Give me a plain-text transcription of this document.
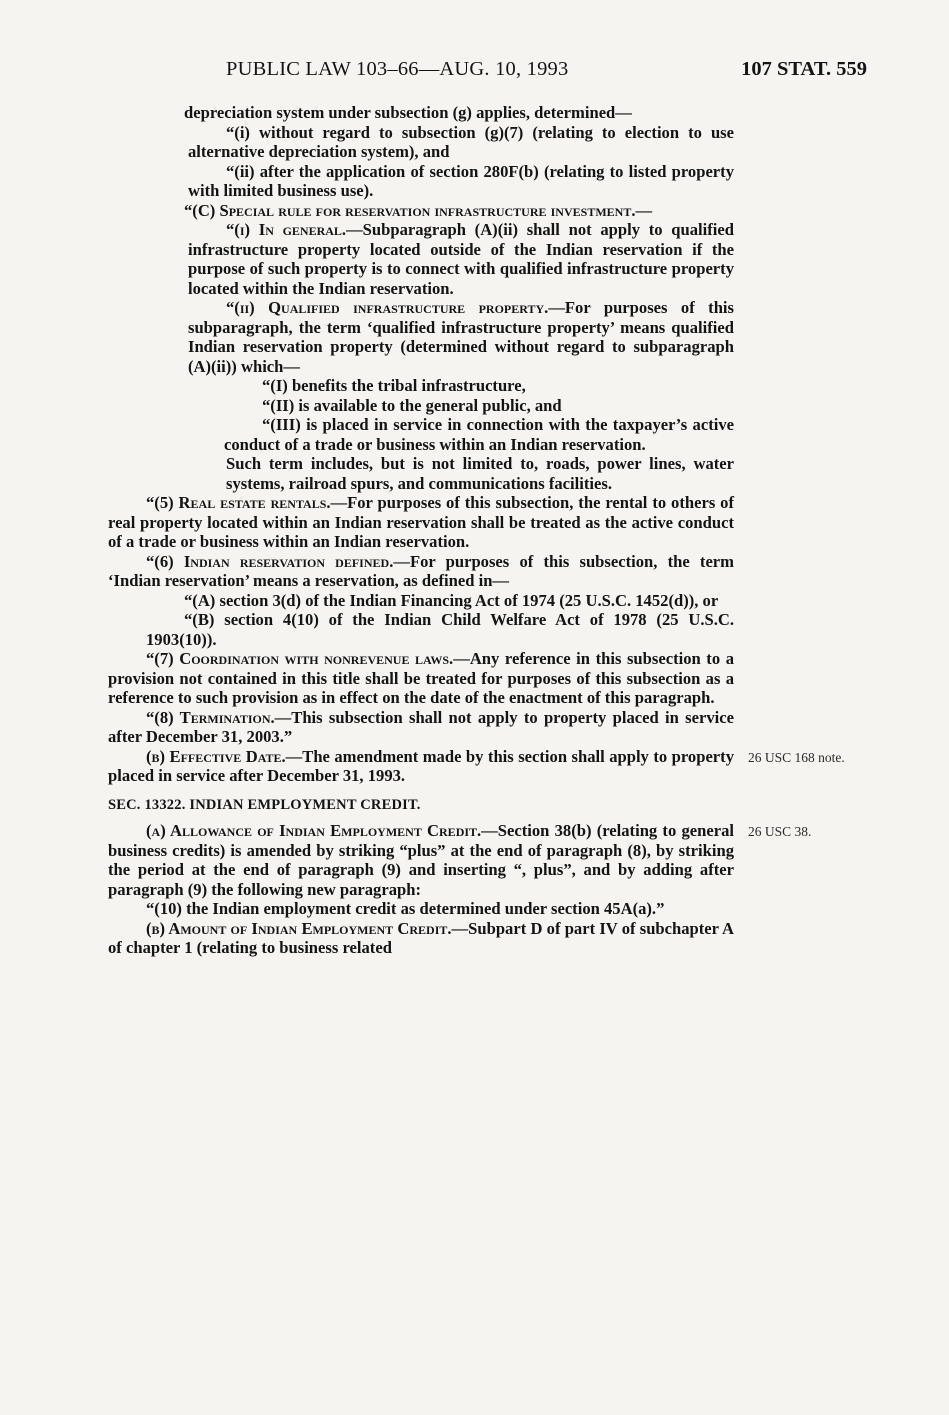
PUBLIC LAW 103–66—AUG. 10, 1993	107 STAT. 559

depreciation system under subsection (g) applies, determined—

“(i) without regard to subsection (g)(7) (relating to election to use alternative depreciation system), and

“(ii) after the application of section 280F(b) (relating to listed property with limited business use).

“(C) Special rule for reservation infrastructure investment.—

“(i) In general.—Subparagraph (A)(ii) shall not apply to qualified infrastructure property located outside of the Indian reservation if the purpose of such property is to connect with qualified infrastructure property located within the Indian reservation.

“(ii) Qualified infrastructure property.—For purposes of this subparagraph, the term ‘qualified infrastructure property’ means qualified Indian reservation property (determined without regard to subparagraph (A)(ii)) which—

“(I) benefits the tribal infrastructure,

“(II) is available to the general public, and

“(III) is placed in service in connection with the taxpayer’s active conduct of a trade or business within an Indian reservation.

Such term includes, but is not limited to, roads, power lines, water systems, railroad spurs, and communications facilities.

“(5) Real estate rentals.—For purposes of this subsection, the rental to others of real property located within an Indian reservation shall be treated as the active conduct of a trade or business within an Indian reservation.

“(6) Indian reservation defined.—For purposes of this subsection, the term ‘Indian reservation’ means a reservation, as defined in—

“(A) section 3(d) of the Indian Financing Act of 1974 (25 U.S.C. 1452(d)), or

“(B) section 4(10) of the Indian Child Welfare Act of 1978 (25 U.S.C. 1903(10)).

“(7) Coordination with nonrevenue laws.—Any reference in this subsection to a provision not contained in this title shall be treated for purposes of this subsection as a reference to such provision as in effect on the date of the enactment of this paragraph.

“(8) Termination.—This subsection shall not apply to property placed in service after December 31, 2003.”

(b) Effective Date.—The amendment made by this section shall apply to property placed in service after December 31, 1993.

SEC. 13322. INDIAN EMPLOYMENT CREDIT.

(a) Allowance of Indian Employment Credit.—Section 38(b) (relating to general business credits) is amended by striking “plus” at the end of paragraph (8), by striking the period at the end of paragraph (9) and inserting “, plus”, and by adding after paragraph (9) the following new paragraph:

“(10) the Indian employment credit as determined under section 45A(a).”

(b) Amount of Indian Employment Credit.—Subpart D of part IV of subchapter A of chapter 1 (relating to business related

26 USC 168 note.
26 USC 38.
